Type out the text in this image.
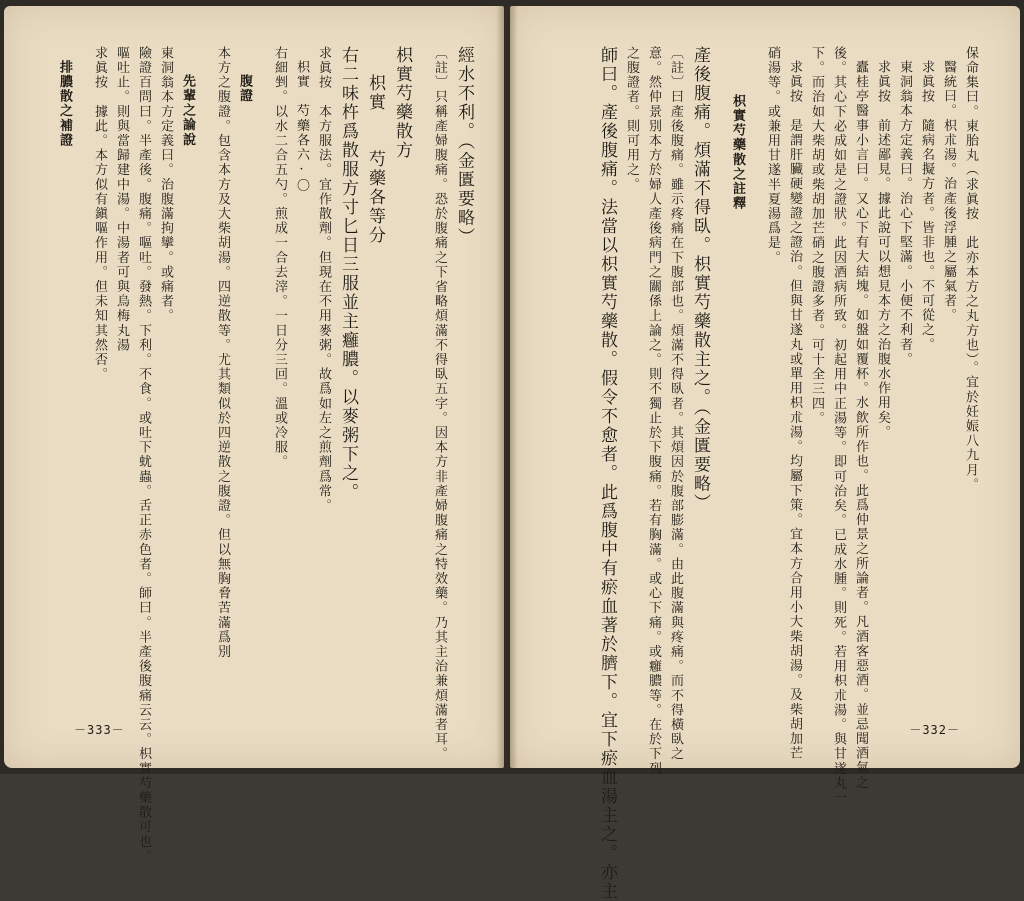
保命集曰。東胎丸（求眞按　此亦本方之丸方也）。宜於妊娠八九月。

醫統曰。枳朮湯。治產後浮腫之屬氣者。

求眞按　隨病名擬方者。皆非也。不可從之。

東洞翁本方定義曰。治心下堅滿。小便不利者。

求眞按　前述鄙見。據此說可以想見本方之治腹水作用矣。

蠹桂亭醫事小言曰。又心下有大結塊。如盤如覆杯。水飲所作也。此爲仲景之所論者。凡酒客惡酒。並忌聞酒氣之

後。其心下必成如是之證狀。此因酒病所致。初起用中正湯等。即可治矣。已成水腫。則死。若用枳朮湯。與甘遂丸一

下。而治如大柴胡或柴胡加芒硝之腹證多者。可十全三四。

求眞按　是謂肝臟硬變證之證治。但與甘遂丸或單用枳朮湯。均屬下策。宜本方合用小大柴胡湯。及柴胡加芒

硝湯等。或兼用甘遂半夏湯爲是。

枳實芍藥散之註釋

產後腹痛。煩滿不得臥。枳實芍藥散主之。（金匱要略）

〔註〕曰產後腹痛。雖示疼痛在下腹部也。煩滿不得臥者。其煩因於腹部膨滿。由此腹滿與疼痛。而不得橫臥之

意。然仲景別本方於婦人產後病門之關係上論之。則不獨止於下腹痛。若有胸滿。或心下痛。或癰膿等。在於下列

之腹證者。則可用之。

師曰。產後腹痛。法當以枳實芍藥散。假令不愈者。此爲腹中有瘀血著於臍下。宜下瘀血湯主之。亦主	－332－

經水不利。（金匱要略）

〔註〕只稱產婦腹痛。恐於腹痛之下省略煩滿不得臥五字。因本方非產婦腹痛之特效藥。乃其主治兼煩滿者耳。

枳實芍藥散方

枳實　　芍藥各等分

右二味杵爲散服方寸匕日三服並主癰膿。以麥粥下之。

求眞按　本方服法。宜作散劑。但現在不用麥粥。故爲如左之煎劑爲常。

枳實　芍藥各六·〇

右細剉。以水二合五勺。煎成一合去滓。一日分三回。溫或冷服。

腹證

本方之腹證。包含本方及大柴胡湯。四逆散等。尤其類似於四逆散之腹證。但以無胸脅苦滿爲別

先輩之論說

東洞翁本方定義曰。治腹滿拘攣。或痛者。

險證百問曰。半產後。腹痛。嘔吐。發熱。下利。不食。或吐下蚘蟲。舌正赤色者。師曰。半產後腹痛云云。枳實芍藥散可也。

嘔吐止。則與當歸建中湯。中湯者可與烏梅丸湯

求眞按　據此。本方似有鎭嘔作用。但未知其然否。

排膿散之補證

－333－
